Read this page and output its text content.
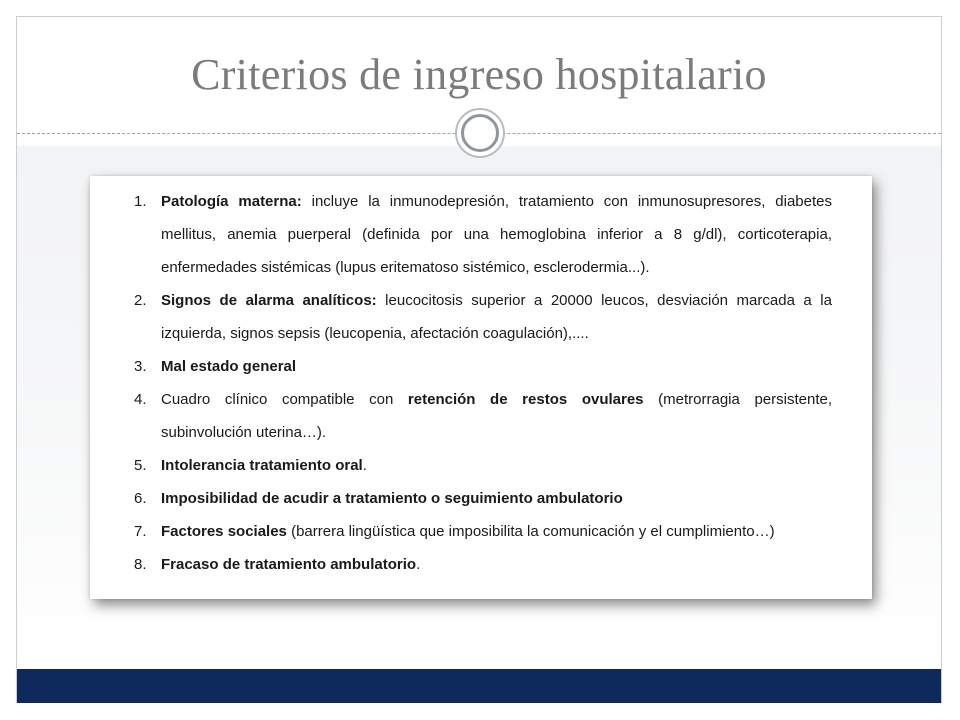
Criterios de ingreso hospitalario
1. Patología materna: incluye la inmunodepresión, tratamiento con inmunosupresores, diabetes mellitus, anemia puerperal (definida por una hemoglobina inferior a 8 g/dl), corticoterapia, enfermedades sistémicas (lupus eritematoso sistémico, esclerodermia...).
2. Signos de alarma analíticos: leucocitosis superior a 20000 leucos, desviación marcada a la izquierda, signos sepsis (leucopenia, afectación coagulación),....
3. Mal estado general
4. Cuadro clínico compatible con retención de restos ovulares (metrorragia persistente, subinvolución uterina…).
5. Intolerancia tratamiento oral.
6. Imposibilidad de acudir a tratamiento o seguimiento ambulatorio
7. Factores sociales (barrera lingüística que imposibilita la comunicación y el cumplimiento…)
8. Fracaso de tratamiento ambulatorio.
